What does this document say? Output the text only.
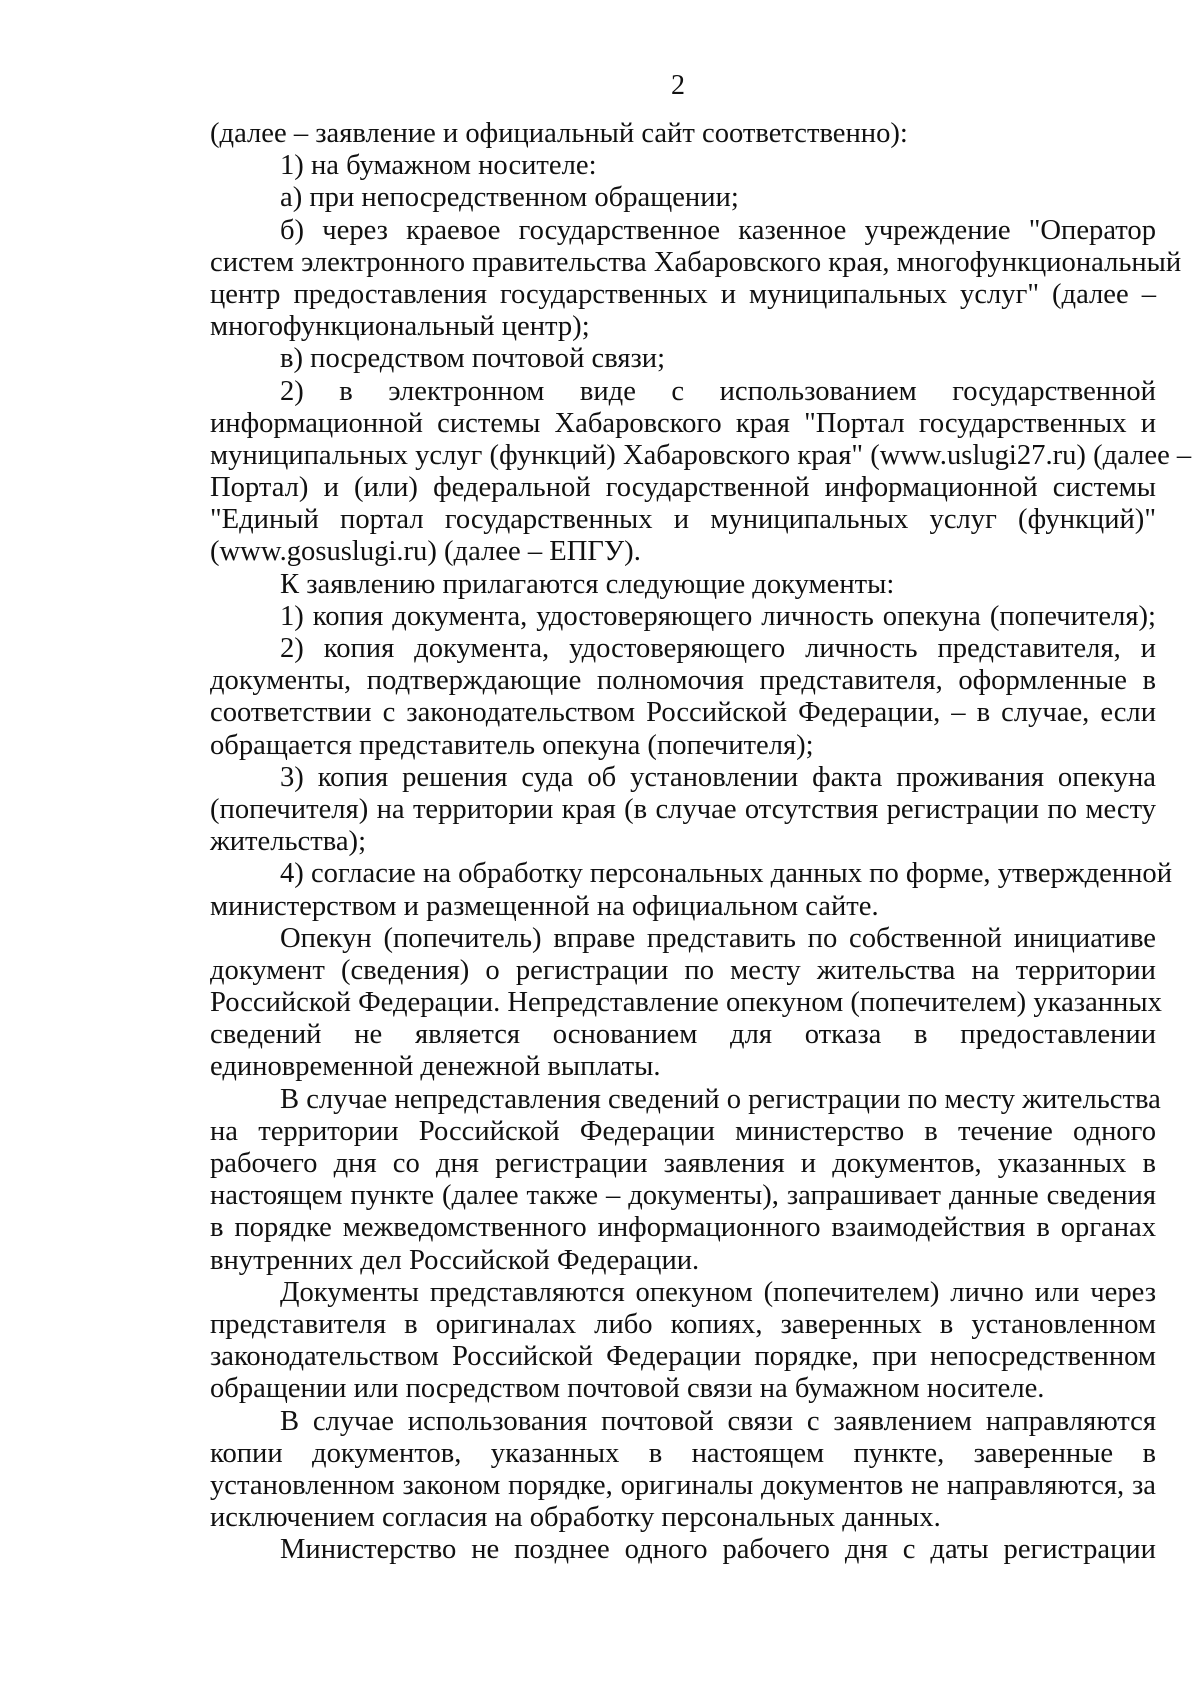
2
(далее – заявление и официальный сайт соответственно):
1) на бумажном носителе:
а) при непосредственном обращении;
б) через краевое государственное казенное учреждение "Оператор
систем электронного правительства Хабаровского края, многофункциональный
центр предоставления государственных и муниципальных услуг" (далее –
многофункциональный центр);
в) посредством почтовой связи;
2) в электронном виде с использованием государственной
информационной системы Хабаровского края "Портал государственных и
муниципальных услуг (функций) Хабаровского края" (www.uslugi27.ru) (далее –
Портал) и (или) федеральной государственной информационной системы
"Единый портал государственных и муниципальных услуг (функций)"
(www.gosuslugi.ru) (далее – ЕПГУ).
К заявлению прилагаются следующие документы:
1) копия документа, удостоверяющего личность опекуна (попечителя);
2) копия документа, удостоверяющего личность представителя, и
документы, подтверждающие полномочия представителя, оформленные в
соответствии с законодательством Российской Федерации, – в случае, если
обращается представитель опекуна (попечителя);
3) копия решения суда об установлении факта проживания опекуна
(попечителя) на территории края (в случае отсутствия регистрации по месту
жительства);
4) согласие на обработку персональных данных по форме, утвержденной
министерством и размещенной на официальном сайте.
Опекун (попечитель) вправе представить по собственной инициативе
документ (сведения) о регистрации по месту жительства на территории
Российской Федерации. Непредставление опекуном (попечителем) указанных
сведений не является основанием для отказа в предоставлении
единовременной денежной выплаты.
В случае непредставления сведений о регистрации по месту жительства
на территории Российской Федерации министерство в течение одного
рабочего дня со дня регистрации заявления и документов, указанных в
настоящем пункте (далее также – документы), запрашивает данные сведения
в порядке межведомственного информационного взаимодействия в органах
внутренних дел Российской Федерации.
Документы представляются опекуном (попечителем) лично или через
представителя в оригиналах либо копиях, заверенных в установленном
законодательством Российской Федерации порядке, при непосредственном
обращении или посредством почтовой связи на бумажном носителе.
В случае использования почтовой связи с заявлением направляются
копии документов, указанных в настоящем пункте, заверенные в
установленном законом порядке, оригиналы документов не направляются, за
исключением согласия на обработку персональных данных.
Министерство не позднее одного рабочего дня с даты регистрации
